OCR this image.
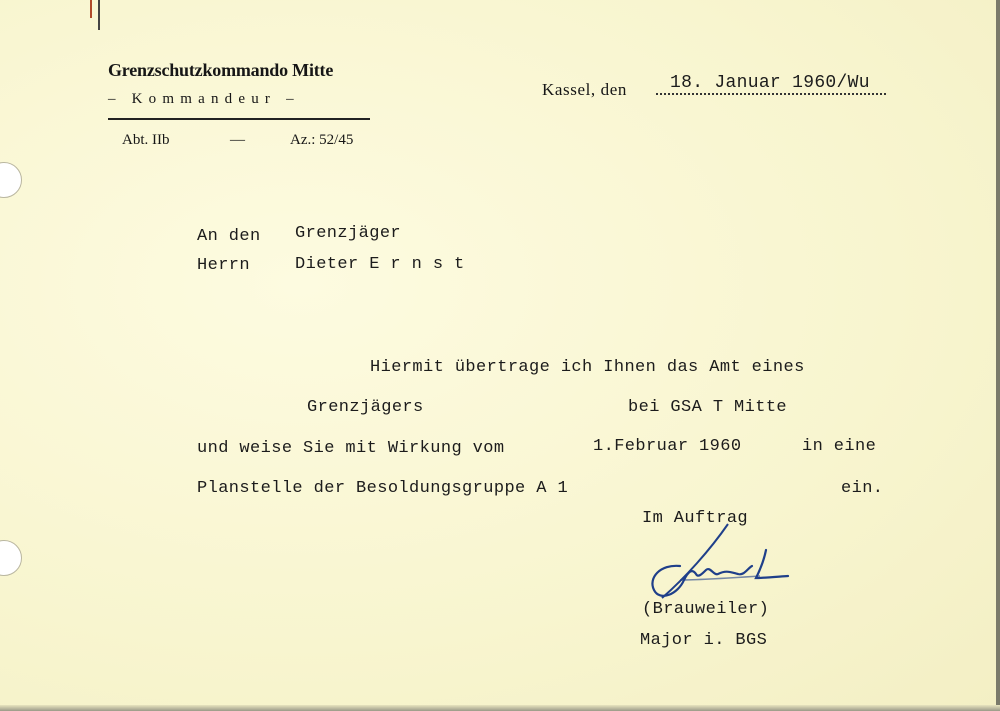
Grenzschutzkommando Mitte
– Kommandeur –
Abt. IIb	—	Az.: 52/45
Kassel, den 18. Januar 1960/Wu
An den Grenzjäger
Herrn	Dieter E r n s t
Hiermit übertrage ich Ihnen das Amt eines
Grenzjägers	bei GSA T Mitte
und weise Sie mit Wirkung vom	1.Februar 1960	in eine
Planstelle der Besoldungsgruppe A 1	ein.
Im Auftrag
(Brauweiler)
Major i. BGS
